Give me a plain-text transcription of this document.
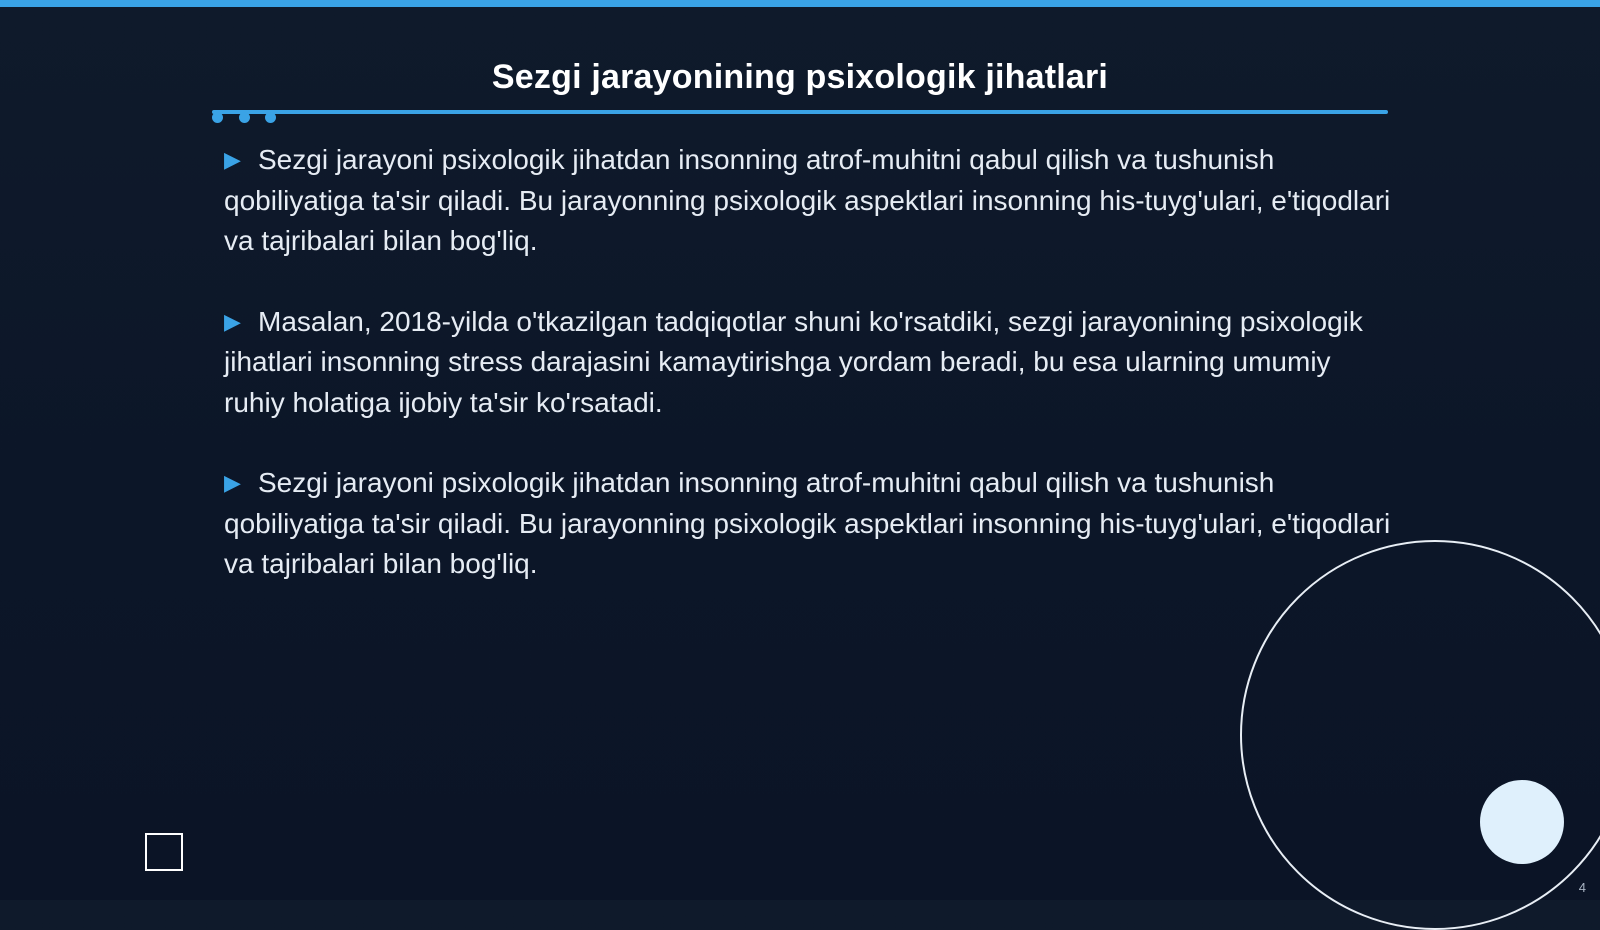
Sezgi jarayonining psixologik jihatlari

▶ Sezgi jarayoni psixologik jihatdan insonning atrof-muhitni qabul qilish va tushunish qobiliyatiga ta'sir qiladi. Bu jarayonning psixologik aspektlari insonning his-tuyg'ulari, e'tiqodlari va tajribalari bilan bog'liq.

▶ Masalan, 2018-yilda o'tkazilgan tadqiqotlar shuni ko'rsatdiki, sezgi jarayonining psixologik jihatlari insonning stress darajasini kamaytirishga yordam beradi, bu esa ularning umumiy ruhiy holatiga ijobiy ta'sir ko'rsatadi.

▶ Sezgi jarayoni psixologik jihatdan insonning atrof-muhitni qabul qilish va tushunish qobiliyatiga ta'sir qiladi. Bu jarayonning psixologik aspektlari insonning his-tuyg'ulari, e'tiqodlari va tajribalari bilan bog'liq.

4
